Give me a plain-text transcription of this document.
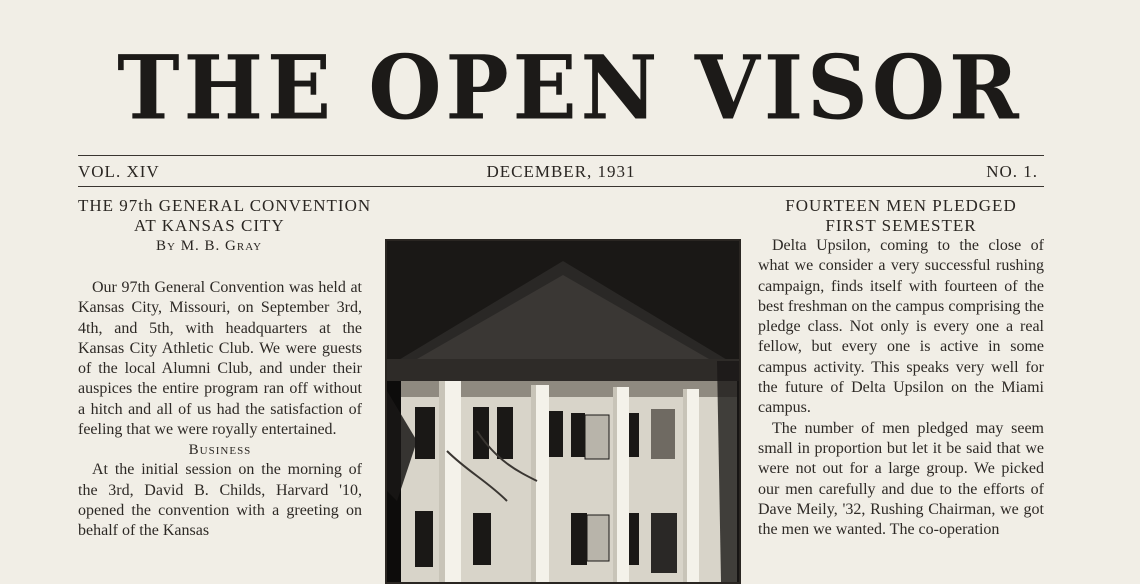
THE OPEN VISOR
VOL. XIV	DECEMBER, 1931	NO. 1.
THE 97th GENERAL CONVENTION
AT KANSAS CITY
By M. B. Gray

Our 97th General Convention was held at Kansas City, Missouri, on September 3rd, 4th, and 5th, with headquarters at the Kansas City Athletic Club. We were guests of the local Alumni Club, and under their auspices the entire program ran off without a hitch and all of us had the satisfaction of feeling that we were royally entertained.

Business

At the initial session on the morning of the 3rd, David B. Childs, Harvard '10, opened the convention with a greeting on behalf of the Kansas

FOURTEEN MEN PLEDGED
FIRST SEMESTER

Delta Upsilon, coming to the close of what we consider a very successful rushing campaign, finds itself with fourteen of the best freshman on the campus comprising the pledge class. Not only is every one a real fellow, but every one is active in some campus activity. This speaks very well for the future of Delta Upsilon on the Miami campus.

The number of men pledged may seem small in proportion but let it be said that we were not out for a large group. We picked our men carefully and due to the efforts of Dave Meily, '32, Rushing Chairman, we got the men we wanted. The co-operation
